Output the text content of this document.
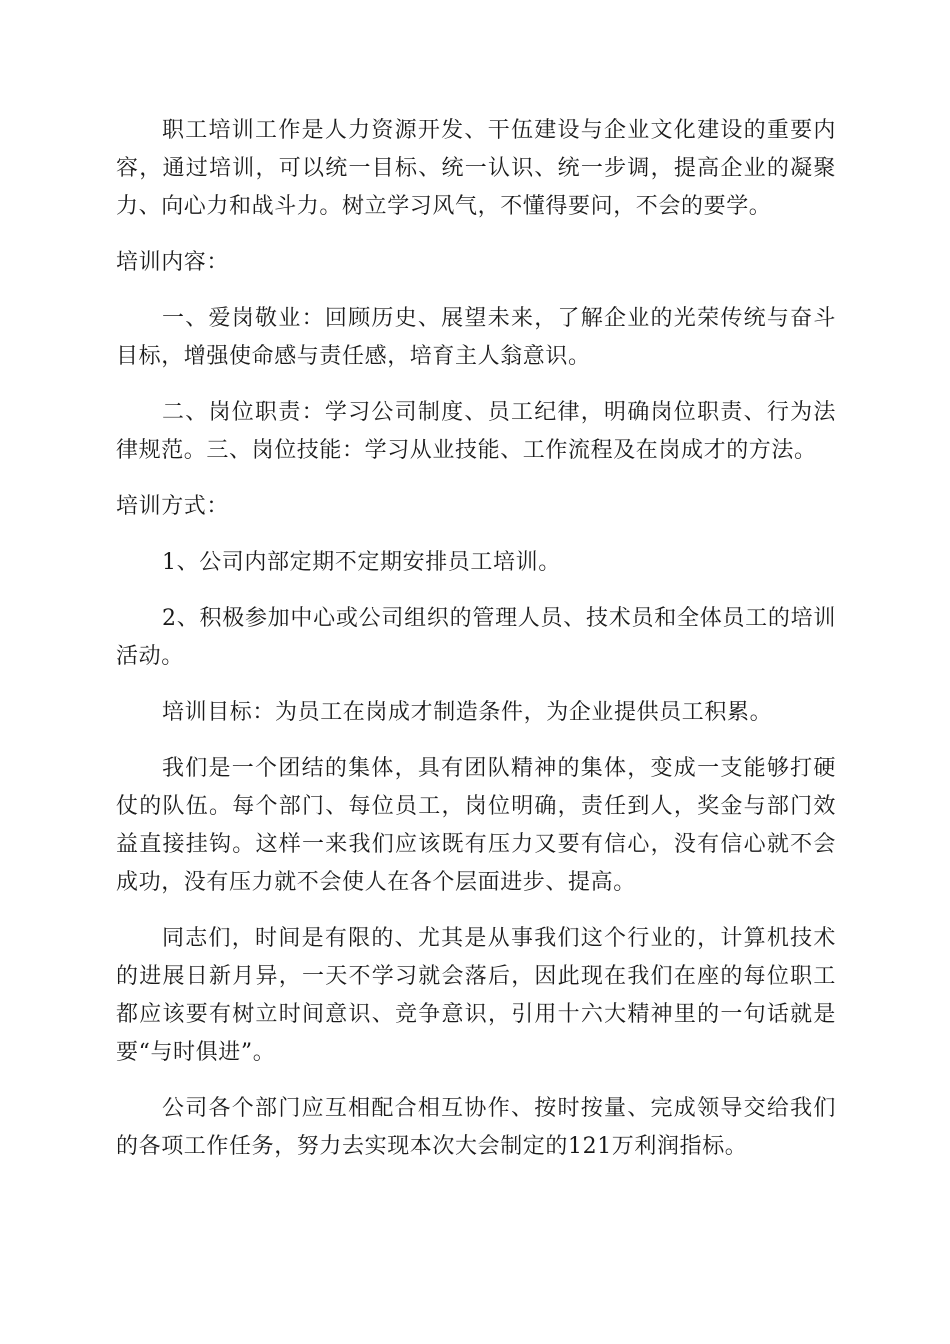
职工培训工作是人力资源开发、干伍建设与企业文化建设的重要内容，通过培训，可以统一目标、统一认识、统一步调，提高企业的凝聚力、向心力和战斗力。树立学习风气，不懂得要问，不会的要学。

培训内容：

一、爱岗敬业：回顾历史、展望未来，了解企业的光荣传统与奋斗目标，增强使命感与责任感，培育主人翁意识。

二、岗位职责：学习公司制度、员工纪律，明确岗位职责、行为法律规范。三、岗位技能：学习从业技能、工作流程及在岗成才的方法。

培训方式：

1、公司内部定期不定期安排员工培训。

2、积极参加中心或公司组织的管理人员、技术员和全体员工的培训活动。

培训目标：为员工在岗成才制造条件，为企业提供员工积累。

我们是一个团结的集体，具有团队精神的集体，变成一支能够打硬仗的队伍。每个部门、每位员工，岗位明确，责任到人，奖金与部门效益直接挂钩。这样一来我们应该既有压力又要有信心，没有信心就不会成功，没有压力就不会使人在各个层面进步、提高。

同志们，时间是有限的、尤其是从事我们这个行业的，计算机技术的进展日新月异，一天不学习就会落后，因此现在我们在座的每位职工都应该要有树立时间意识、竞争意识，引用十六大精神里的一句话就是要“与时俱进”。

公司各个部门应互相配合相互协作、按时按量、完成领导交给我们的各项工作任务，努力去实现本次大会制定的121万利润指标。
